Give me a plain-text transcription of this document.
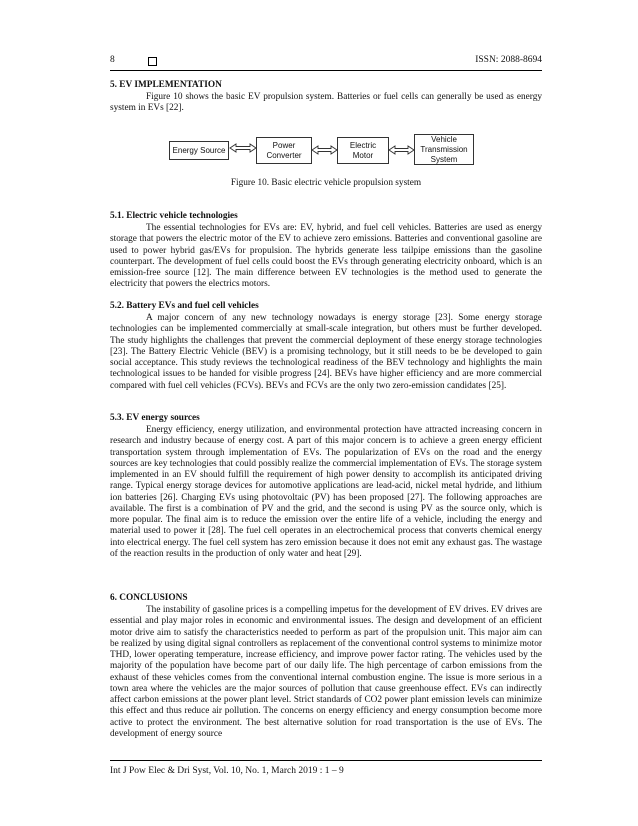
8	ISSN: 2088-8694
5. EV IMPLEMENTATION

Figure 10 shows the basic EV propulsion system. Batteries or fuel cells can generally be used as energy system in EVs [22].

Energy Source
Power
Converter
Electric
Motor
Vehicle
Transmission
System
Figure 10. Basic electric vehicle propulsion system
5.1. Electric vehicle technologies

The essential technologies for EVs are: EV, hybrid, and fuel cell vehicles. Batteries are used as energy storage that powers the electric motor of the EV to achieve zero emissions. Batteries and conventional gasoline are used to power hybrid gas/EVs for propulsion. The hybrids generate less tailpipe emissions than the gasoline counterpart. The development of fuel cells could boost the EVs through generating electricity onboard, which is an emission-free source [12]. The main difference between EV technologies is the method used to generate the electricity that powers the electrics motors.

5.2. Battery EVs and fuel cell vehicles

A major concern of any new technology nowadays is energy storage [23]. Some energy storage technologies can be implemented commercially at small-scale integration, but others must be further developed. The study highlights the challenges that prevent the commercial deployment of these energy storage technologies [23]. The Battery Electric Vehicle (BEV) is a promising technology, but it still needs to be be developed to gain social acceptance. This study reviews the technological readiness of the BEV technology and highlights the main technological issues to be handed for visible progress [24]. BEVs have higher efficiency and are more commercial compared with fuel cell vehicles (FCVs). BEVs and FCVs are the only two zero-emission candidates [25].

5.3. EV energy sources

Energy efficiency, energy utilization, and environmental protection have attracted increasing concern in research and industry because of energy cost. A part of this major concern is to achieve a green energy efficient transportation system through implementation of EVs. The popularization of EVs on the road and the energy sources are key technologies that could possibly realize the commercial implementation of EVs. The storage system implemented in an EV should fulfill the requirement of high power density to accomplish its anticipated driving range. Typical energy storage devices for automotive applications are lead-acid, nickel metal hydride, and lithium ion batteries [26]. Charging EVs using photovoltaic (PV) has been proposed [27]. The following approaches are available. The first is a combination of PV and the grid, and the second is using PV as the source only, which is more popular. The final aim is to reduce the emission over the entire life of a vehicle, including the energy and material used to power it [28]. The fuel cell operates in an electrochemical process that converts chemical energy into electrical energy. The fuel cell system has zero emission because it does not emit any exhaust gas. The wastage of the reaction results in the production of only water and heat [29].

6. CONCLUSIONS

The instability of gasoline prices is a compelling impetus for the development of EV drives. EV drives are essential and play major roles in economic and environmental issues. The design and development of an efficient motor drive aim to satisfy the characteristics needed to perform as part of the propulsion unit. This major aim can be realized by using digital signal controllers as replacement of the conventional control systems to minimize motor THD, lower operating temperature, increase efficiency, and improve power factor rating. The vehicles used by the majority of the population have become part of our daily life. The high percentage of carbon emissions from the exhaust of these vehicles comes from the conventional internal combustion engine. The issue is more serious in a town area where the vehicles are the major sources of pollution that cause greenhouse effect. EVs can indirectly affect carbon emissions at the power plant level. Strict standards of CO2 power plant emission levels can minimize this effect and thus reduce air pollution. The concerns on energy efficiency and energy consumption become more active to protect the environment. The best alternative solution for road transportation is the use of EVs. The development of energy source

Int J Pow Elec & Dri Syst, Vol. 10, No. 1, March 2019 : 1 – 9
